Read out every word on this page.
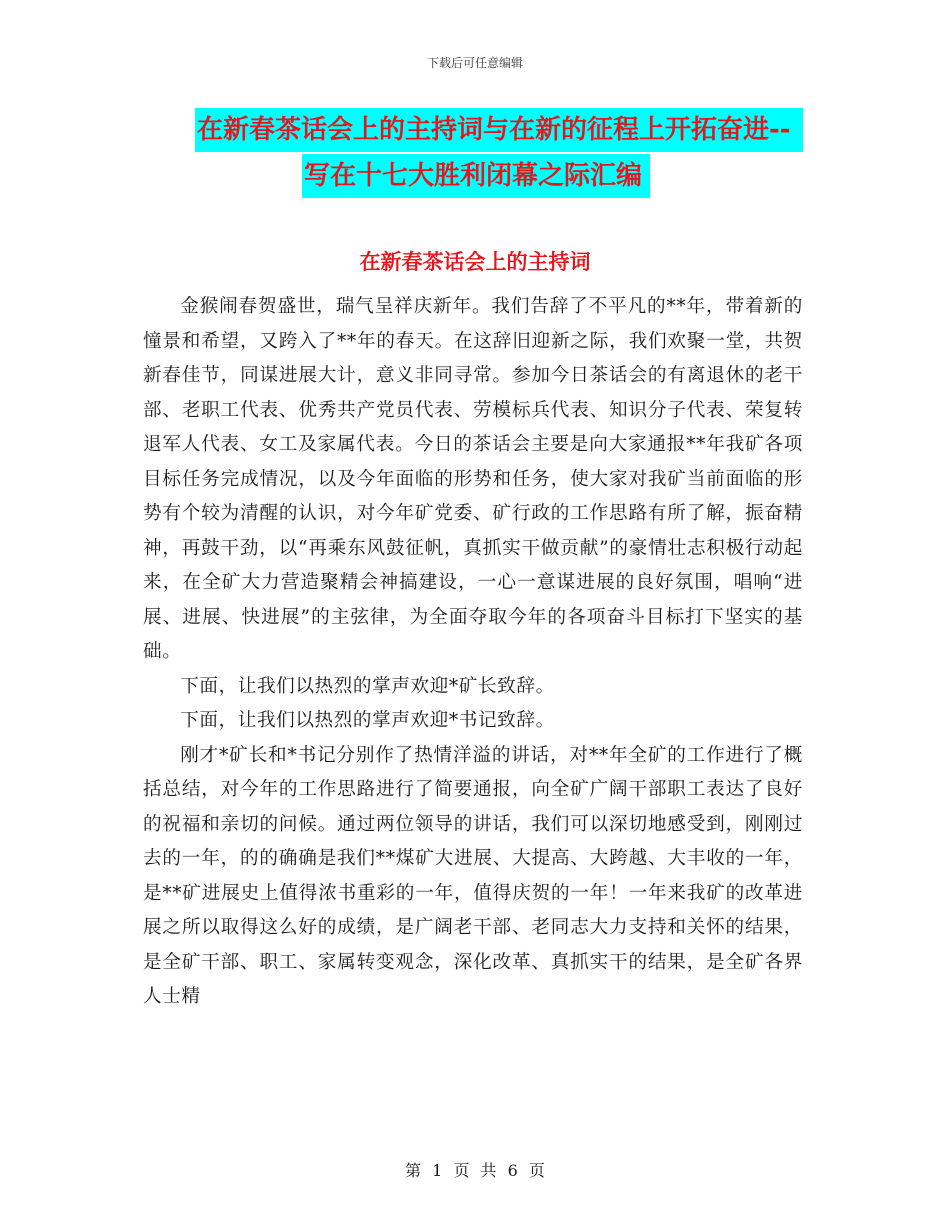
下载后可任意编辑
在新春茶话会上的主持词与在新的征程上开拓奋进--
写在十七大胜利闭幕之际汇编
在新春茶话会上的主持词

金猴闹春贺盛世，瑞气呈祥庆新年。我们告辞了不平凡的**年，带着新的憧景和希望，又跨入了**年的春天。在这辞旧迎新之际，我们欢聚一堂，共贺新春佳节，同谋进展大计，意义非同寻常。参加今日茶话会的有离退休的老干部、老职工代表、优秀共产党员代表、劳模标兵代表、知识分子代表、荣复转退军人代表、女工及家属代表。今日的茶话会主要是向大家通报**年我矿各项目标任务完成情况，以及今年面临的形势和任务，使大家对我矿当前面临的形势有个较为清醒的认识，对今年矿党委、矿行政的工作思路有所了解，振奋精神，再鼓干劲，以“再乘东风鼓征帆，真抓实干做贡献”的豪情壮志积极行动起来，在全矿大力营造聚精会神搞建设，一心一意谋进展的良好氛围，唱响“进展、进展、快进展”的主弦律，为全面夺取今年的各项奋斗目标打下坚实的基础。

下面，让我们以热烈的掌声欢迎*矿长致辞。

下面，让我们以热烈的掌声欢迎*书记致辞。

刚才*矿长和*书记分别作了热情洋溢的讲话，对**年全矿的工作进行了概括总结，对今年的工作思路进行了简要通报，向全矿广阔干部职工表达了良好的祝福和亲切的问候。通过两位领导的讲话，我们可以深切地感受到，刚刚过去的一年，的的确确是我们**煤矿大进展、大提高、大跨越、大丰收的一年，是**矿进展史上值得浓书重彩的一年，值得庆贺的一年！一年来我矿的改革进展之所以取得这么好的成绩，是广阔老干部、老同志大力支持和关怀的结果，是全矿干部、职工、家属转变观念，深化改革、真抓实干的结果，是全矿各界人士精

第 1 页 共 6 页
